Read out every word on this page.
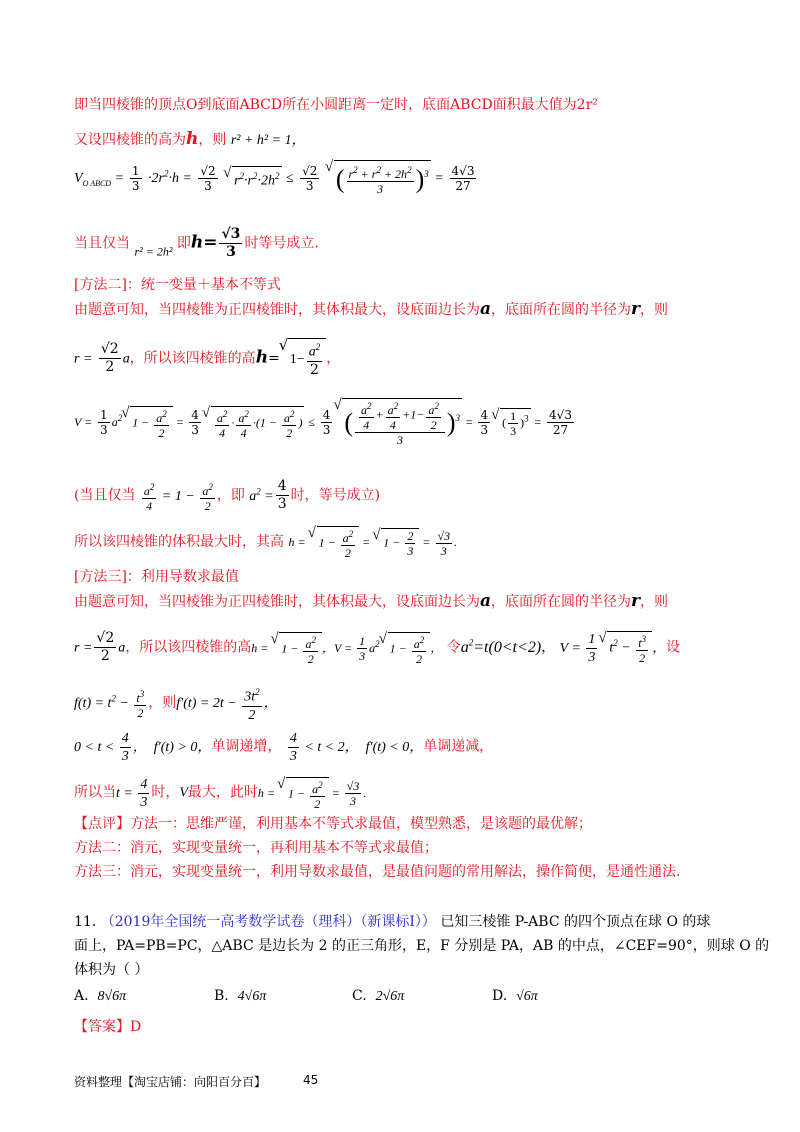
即当四棱锥的顶点O到底面ABCD所在小圆距离一定时，底面ABCD面积最大值为2r²
又设四棱锥的高为h，则 r² + h² = 1，
$V_{O ABCD} = \frac{1}{3} \cdot 2r^2\cdot h = \frac{√2}{3}$
√ $r^2\cdot r^2\cdot 2h^2 \le \frac{√2}{3}$
√ ( $\frac{r^2 + r^2 + 2h^2}{3} )^3 = \frac{4√3}{27}$
当且仅当 r² = 2h² 即$h= \frac{√3}{3}$ 时等号成立.
[方法二]：统一变量＋基本不等式
由题意可知，当四棱锥为正四棱锥时，其体积最大，设底面边长为a，底面所在圆的半径为r，则
$r = \frac{√2}{2}$ a，所以该四棱锥的高h=√ $1- \frac{a^2}{2}$ ，
$V = \frac{1}{3} a^2√$ $1 - \frac{a^2}{2} = \frac{4}{3}$
√ $\frac{a^2}{4} \cdot \frac{a^2}{4} \cdot(1 - \frac{a^2}{2}$ ) ≤ $\frac{4}{3}$
√ ( $\frac{\frac{a^2}{4} + \frac{a^2}{4} +1- \frac{a^2}{2}}{3} )^3 = \frac{4}{3}$
√ ( $\frac{1}{3} )^3 = \frac{4√3}{27}$
(当且仅当 $\frac{a^2}{4} = 1 - \frac{a^2}{2}$ ，即 $a^2 = \frac{4}{3}$ 时，等号成立)
所以该四棱锥的体积最大时，其高 h = √ $1 - \frac{a^2}{2}$ = √ $1 - \frac{2}{3} = \frac{√3}{3}$ .
[方法三]：利用导数求最值
由题意可知，当四棱锥为正四棱锥时，其体积最大，设底面边长为a，底面所在圆的半径为r，则
$r = \frac{√2}{2}$ a，所以该四棱锥的高h = √ $1 - \frac{a^2}{2}$ ，$V = \frac{1}{3} a^2√$ $1 - \frac{a^2}{2}$ ， 令$a^2=t(0<t<2)$， $V = \frac{1}{3}$
√ $t^2 - \frac{t^3}{2}$ ，设
$f(t) = t^2 - \frac{t^3}{2}$ ，则$f'(t) = 2t - \frac{3t^2}{2}$ ，
$0 < t < \frac{4}{3}$ ，  f′(t) > 0，单调递增， $\frac{4}{3} < t < 2$，  f′(t) < 0，单调递减，
所以当$t = \frac{4}{3}$ 时，V最大，此时h = √ $1 - \frac{a^2}{2} = \frac{√3}{3}$ .
【点评】方法一：思维严谨，利用基本不等式求最值，模型熟悉，是该题的最优解；
方法二：消元，实现变量统一，再利用基本不等式求最值；
方法三：消元，实现变量统一，利用导数求最值，是最值问题的常用解法，操作简便，是通性通法.
11. （2019年全国统一高考数学试卷（理科）（新课标Ⅰ）） 已知三棱锥 P-ABC 的四个顶点在球 O 的球
面上，PA=PB=PC，△ABC 是边长为 2 的正三角形，E，F 分别是 PA，AB 的中点，∠CEF=90°，则球 O 的
体积为（ ）
A. 8√6π	B. 4√6π	C. 2√6π	D. √6π
【答案】D
资料整理【淘宝店铺：向阳百分百】	45
